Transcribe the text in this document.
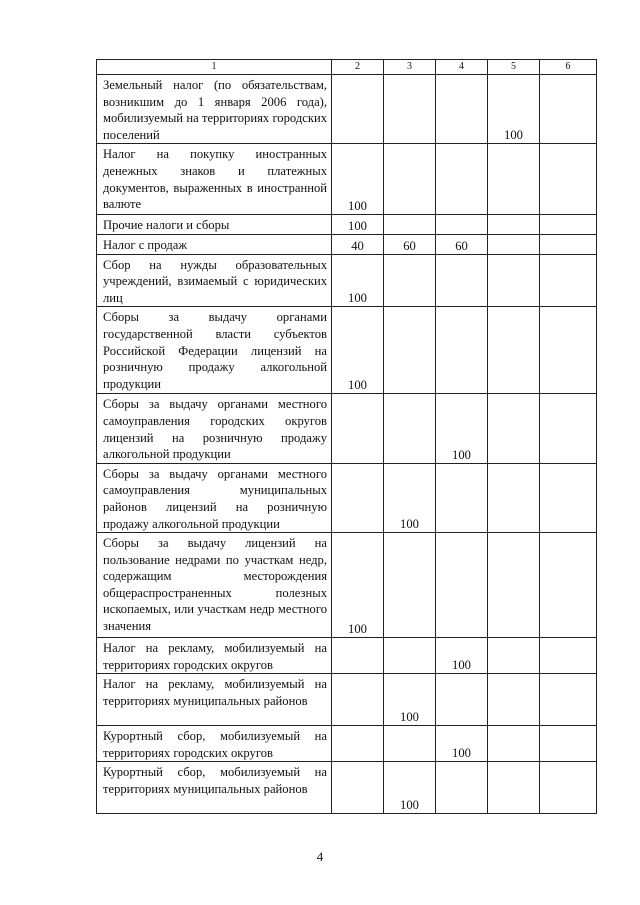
1	2	3	4	5	6
Земельный налог (по обязательствам, возникшим до 1 января 2006 года), мобилизуемый на территориях городских поселений				100	
Налог на покупку иностранных денежных знаков и платежных документов, выраженных в иностранной валюте	100				
Прочие налоги и сборы	100				
Налог с продаж	40	60	60		
Сбор на нужды образовательных учреждений, взимаемый с юридических лиц	100				
Сборы за выдачу органами государственной власти субъектов Российской Федерации лицензий на розничную продажу алкогольной продукции	100				
Сборы за выдачу органами местного самоуправления городских округов лицензий на розничную продажу алкогольной продукции			100		
Сборы за выдачу органами местного самоуправления муниципальных районов лицензий на розничную продажу алкогольной продукции		100			
Сборы за выдачу лицензий на пользование недрами по участкам недр, содержащим месторождения общераспространенных полезных ископаемых, или участкам недр местного значения	100				
Налог на рекламу, мобилизуемый на территориях городских округов			100		
Налог на рекламу, мобилизуемый на территориях муниципальных районов		100			
Курортный сбор, мобилизуемый на территориях городских округов			100		
Курортный сбор, мобилизуемый на территориях муниципальных районов		100			
4
